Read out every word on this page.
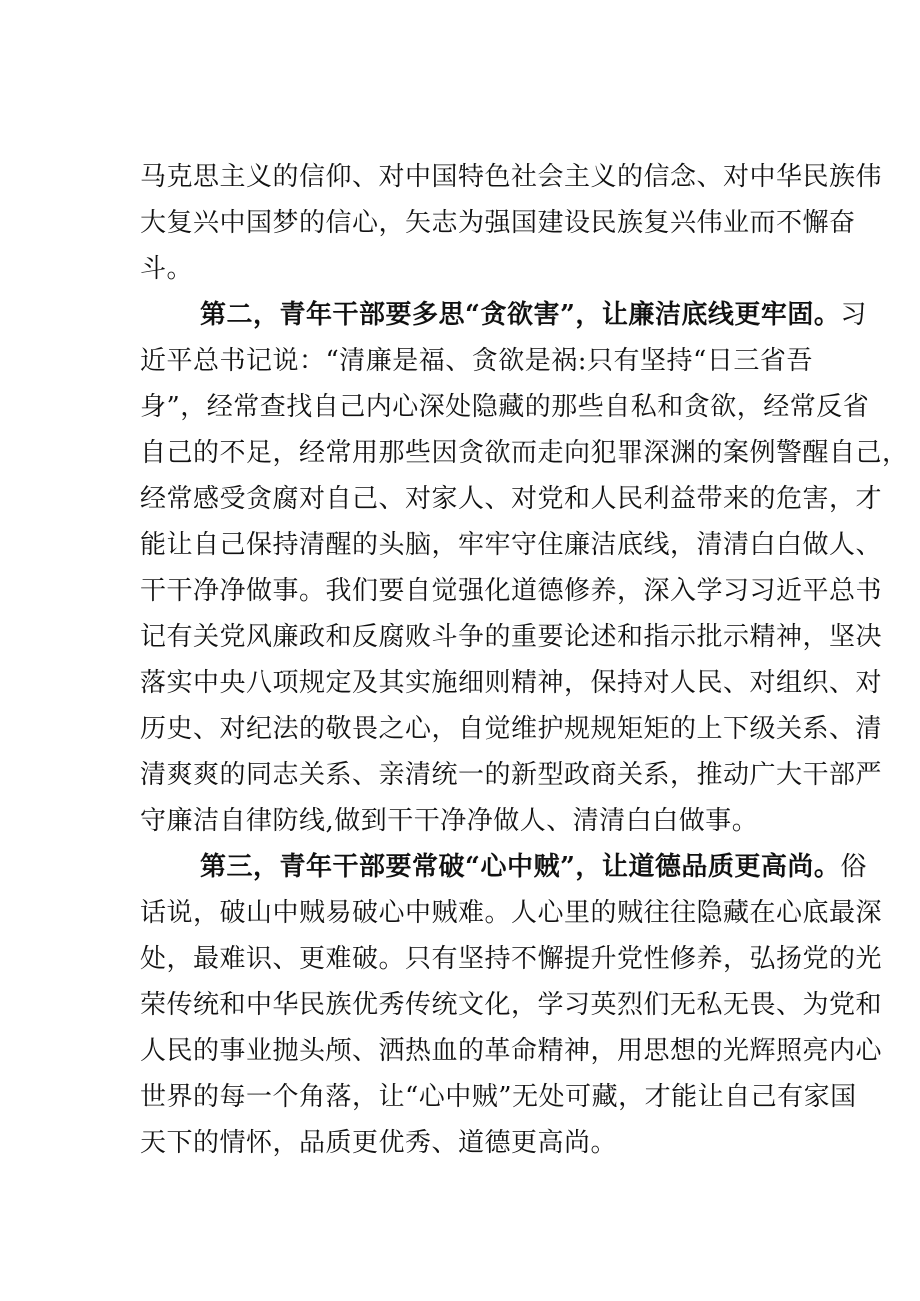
马克思主义的信仰、对中国特色社会主义的信念、对中华民族伟
大复兴中国梦的信心，矢志为强国建设民族复兴伟业而不懈奋
斗。
第二，青年干部要多思“贪欲害”，让廉洁底线更牢固。习
近平总书记说：“清廉是福、贪欲是祸:只有坚持“日三省吾
身”，经常查找自己内心深处隐藏的那些自私和贪欲，经常反省
自己的不足，经常用那些因贪欲而走向犯罪深渊的案例警醒自己，
经常感受贪腐对自己、对家人、对党和人民利益带来的危害，才
能让自己保持清醒的头脑，牢牢守住廉洁底线，清清白白做人、
干干净净做事。我们要自觉强化道德修养，深入学习习近平总书
记有关党风廉政和反腐败斗争的重要论述和指示批示精神，坚决
落实中央八项规定及其实施细则精神，保持对人民、对组织、对
历史、对纪法的敬畏之心，自觉维护规规矩矩的上下级关系、清
清爽爽的同志关系、亲清统一的新型政商关系，推动广大干部严
守廉洁自律防线,做到干干净净做人、清清白白做事。
第三，青年干部要常破“心中贼”，让道德品质更高尚。俗
话说，破山中贼易破心中贼难。人心里的贼往往隐藏在心底最深
处，最难识、更难破。只有坚持不懈提升党性修养，弘扬党的光
荣传统和中华民族优秀传统文化，学习英烈们无私无畏、为党和
人民的事业抛头颅、洒热血的革命精神，用思想的光辉照亮内心
世界的每一个角落，让“心中贼”无处可藏，才能让自己有家国
天下的情怀，品质更优秀、道德更高尚。
